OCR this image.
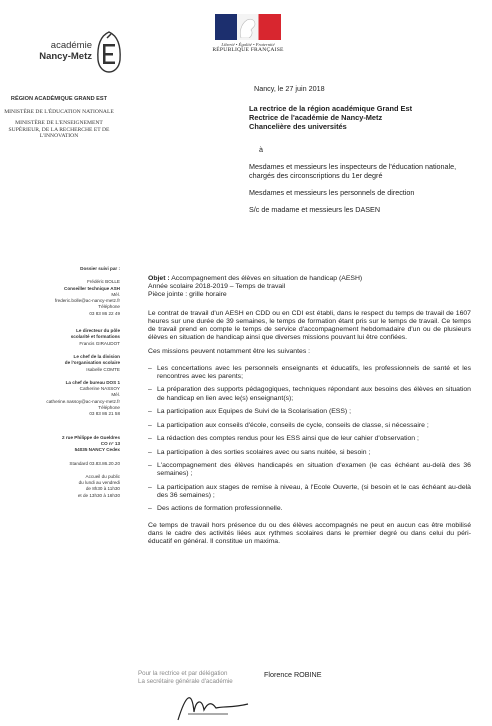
académie
Nancy-Metz
RÉGION ACADÉMIQUE GRAND EST
MINISTÈRE DE L'ÉDUCATION NATIONALE
MINISTÈRE DE L'ENSEIGNEMENT SUPÉRIEUR, DE LA RECHERCHE ET DE L'INNOVATION
Liberté • Égalité • Fraternité
RÉPUBLIQUE FRANÇAISE
Nancy, le 27 juin 2018
La rectrice de la région académique Grand Est
Rectrice de l'académie de Nancy-Metz
Chancelière des universités
à
Mesdames et messieurs les inspecteurs de l'éducation nationale, chargés des circonscriptions du 1er degré
Mesdames et messieurs les personnels de direction
S/c de madame et messieurs les DASEN
Dossier suivi par :
Frédéric BOLLE
Conseiller technique ASH
Mél.
frederic.bolle@ac-nancy-metz.fr
Téléphone
03 83 86 22 49
Le directeur du pôle
scolarité et formations
Francis GIRAUDOT
Le chef de la division
de l'organisation scolaire
Isabelle COMTE
La chef de bureau DOS 1
Catherine NASSOY
Mél.
catherine.nassoy@ac-nancy-metz.fr
Téléphone
03 83 86 21 58
2 rue Philippe de Gueldres
CO n° 13
54035 NANCY Cedex
Standard 03.83.86.20.20
Accueil du public
du lundi au vendredi
de 8h30 à 11h30
et de 13h30 à 16h30
Objet : Accompagnement des élèves en situation de handicap (AESH)
Année scolaire 2018-2019 – Temps de travail
Pièce jointe : grille horaire
Le contrat de travail d'un AESH en CDD ou en CDI est établi, dans le respect du temps de travail de 1607 heures sur une durée de 39 semaines, le temps de formation étant pris sur le temps de travail. Ce temps de travail prend en compte le temps de service d'accompagnement hebdomadaire d'un ou de plusieurs élèves en situation de handicap ainsi que diverses missions pouvant lui être confiées.
Ces missions peuvent notamment être les suivantes :
– Les concertations avec les personnels enseignants et éducatifs, les professionnels de santé et les rencontres avec les parents;
– La préparation des supports pédagogiques, techniques répondant aux besoins des élèves en situation de handicap en lien avec le(s) enseignant(s);
– La participation aux Equipes de Suivi de la Scolarisation (ESS) ;
– La participation aux conseils d'école, conseils de cycle, conseils de classe, si nécessaire ;
– La rédaction des comptes rendus pour les ESS ainsi que de leur cahier d'observation ;
– La participation à des sorties scolaires avec ou sans nuitée, si besoin ;
– L'accompagnement des élèves handicapés en situation d'examen (le cas échéant au-delà des 36 semaines) ;
– La participation aux stages de remise à niveau, à l'Ecole Ouverte, (si besoin et le cas échéant au-delà des 36 semaines) ;
– Des actions de formation professionnelle.
Ce temps de travail hors présence du ou des élèves accompagnés ne peut en aucun cas être mobilisé dans le cadre des activités liées aux rythmes scolaires dans le premier degré ou dans celui du péri-éducatif en général. Il constitue un maxima.
Pour la rectrice et par délégation
La secrétaire générale d'académie
Florence ROBINE
